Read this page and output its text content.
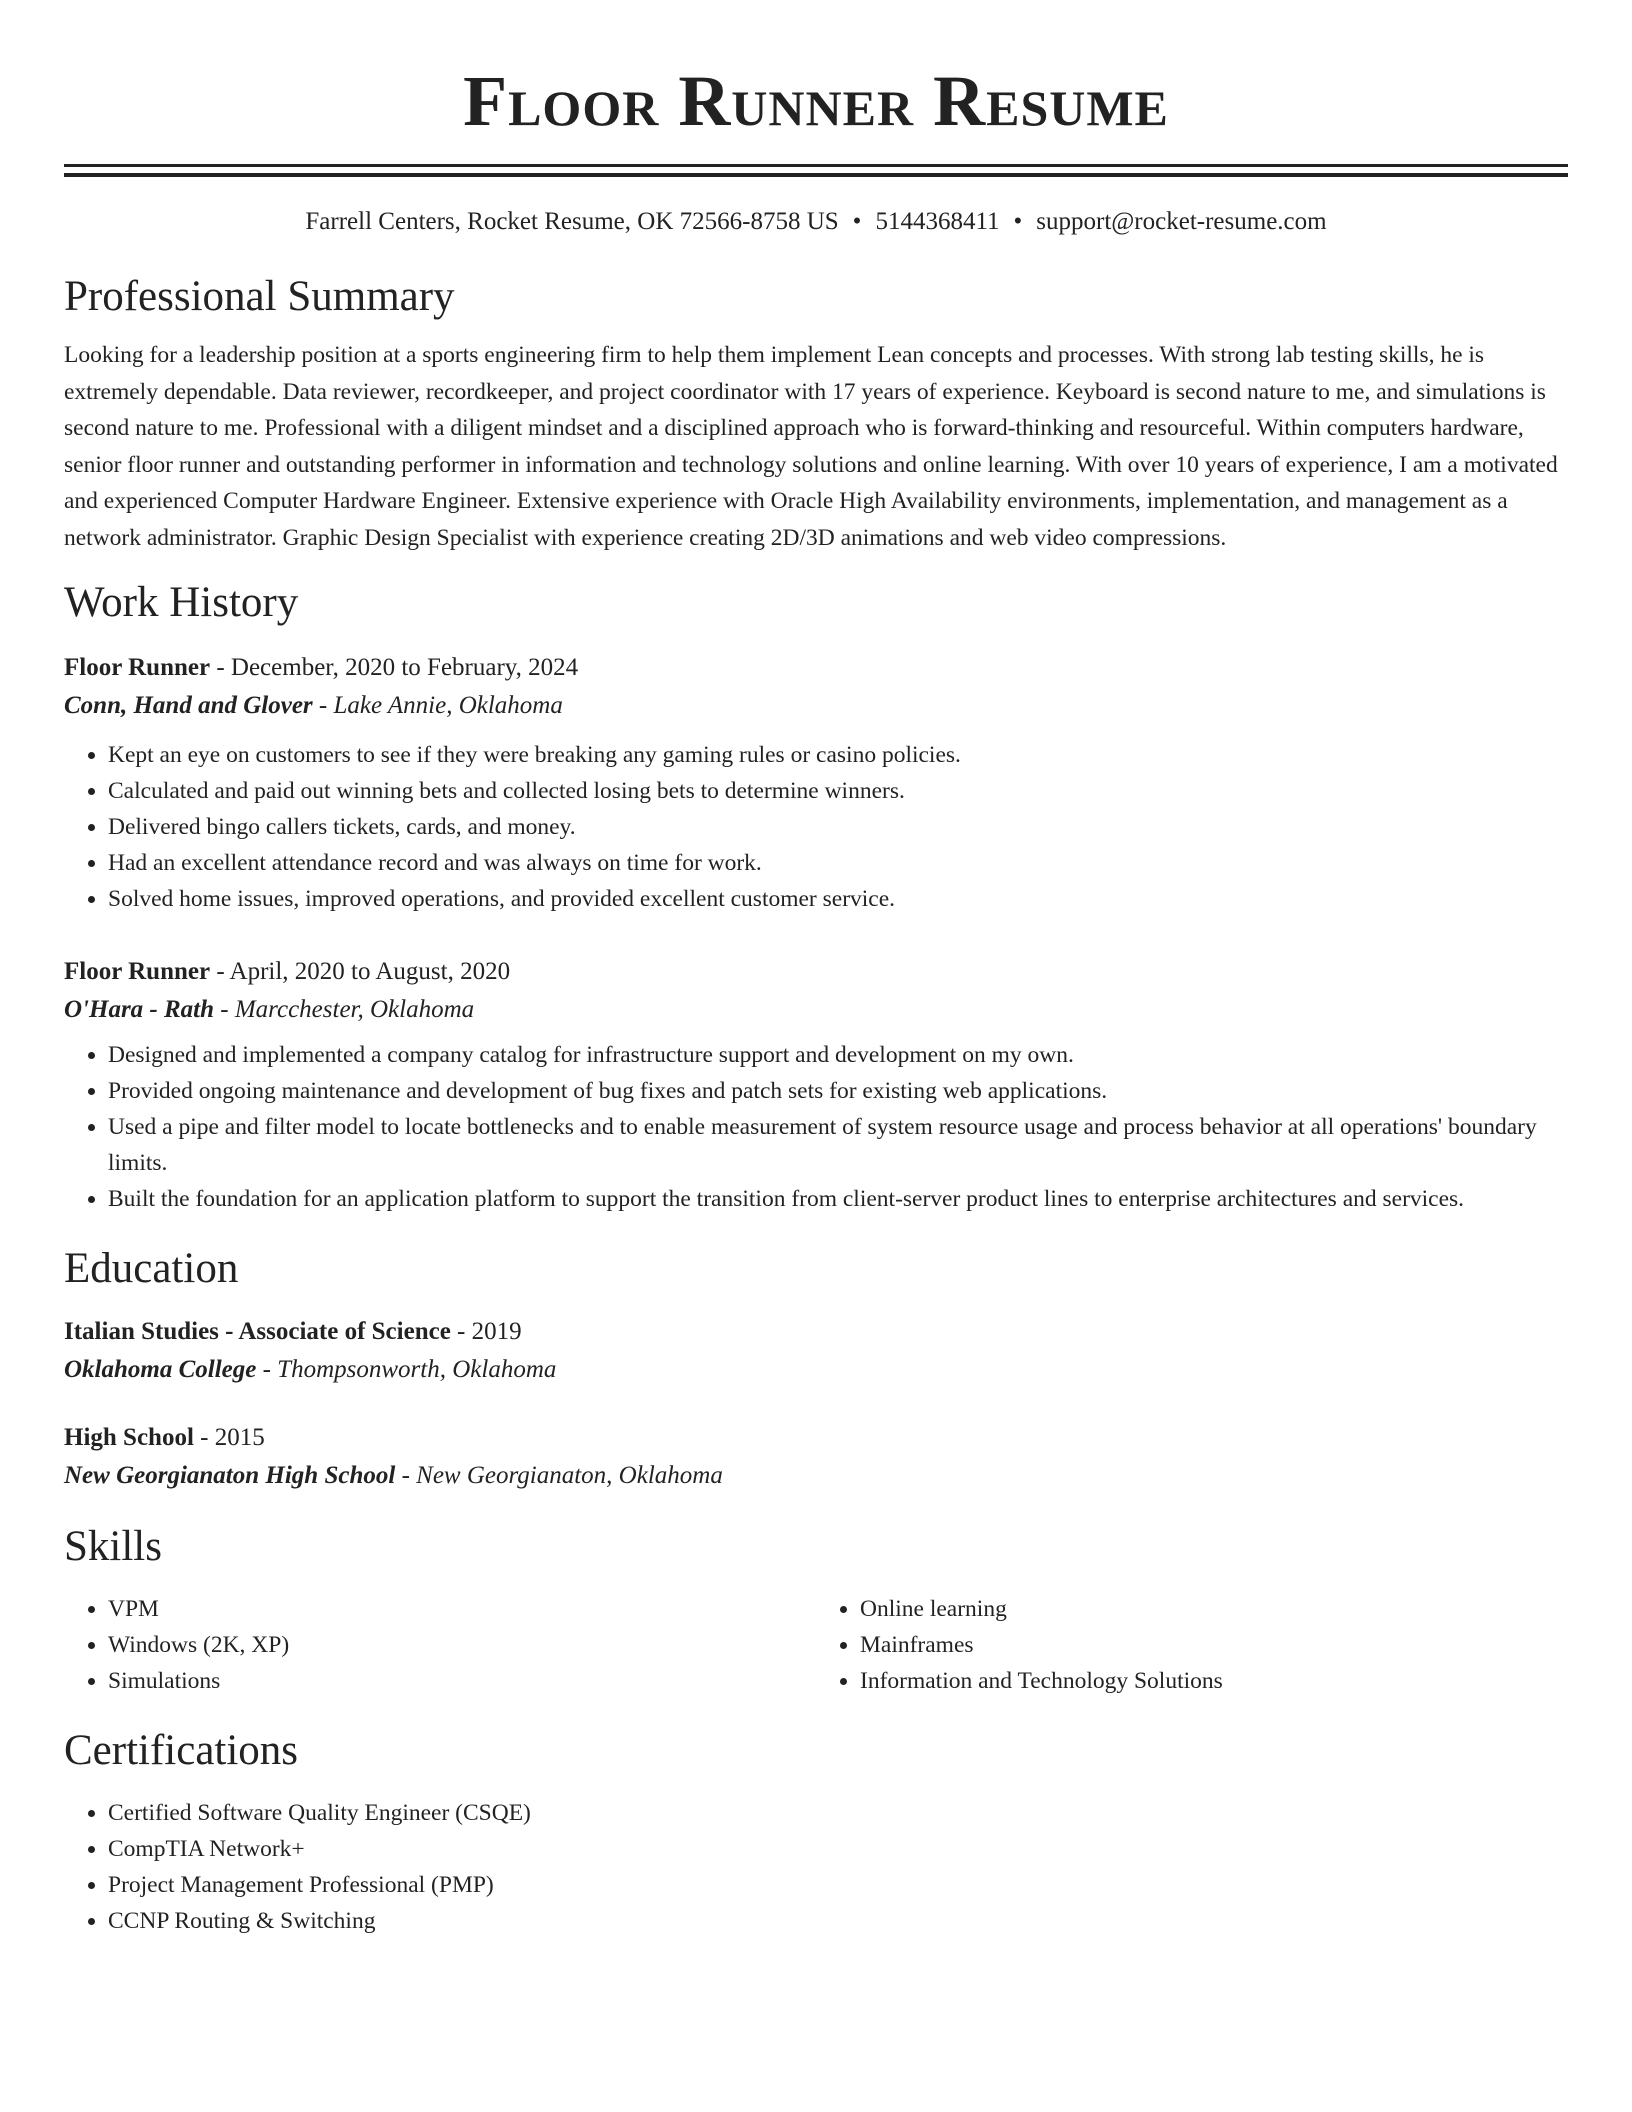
Floor Runner Resume
Farrell Centers, Rocket Resume, OK 72566-8758 US • 5144368411 • support@rocket-resume.com
Professional Summary

Looking for a leadership position at a sports engineering firm to help them implement Lean concepts and processes. With strong lab testing skills, he is extremely dependable. Data reviewer, recordkeeper, and project coordinator with 17 years of experience. Keyboard is second nature to me, and simulations is second nature to me. Professional with a diligent mindset and a disciplined approach who is forward-thinking and resourceful. Within computers hardware, senior floor runner and outstanding performer in information and technology solutions and online learning. With over 10 years of experience, I am a motivated and experienced Computer Hardware Engineer. Extensive experience with Oracle High Availability environments, implementation, and management as a network administrator. Graphic Design Specialist with experience creating 2D/3D animations and web video compressions.

Work History

Floor Runner - December, 2020 to February, 2024

Conn, Hand and Glover - Lake Annie, Oklahoma

• Kept an eye on customers to see if they were breaking any gaming rules or casino policies.
• Calculated and paid out winning bets and collected losing bets to determine winners.
• Delivered bingo callers tickets, cards, and money.
• Had an excellent attendance record and was always on time for work.
• Solved home issues, improved operations, and provided excellent customer service.

Floor Runner - April, 2020 to August, 2020

O'Hara - Rath - Marcchester, Oklahoma

• Designed and implemented a company catalog for infrastructure support and development on my own.
• Provided ongoing maintenance and development of bug fixes and patch sets for existing web applications.
• Used a pipe and filter model to locate bottlenecks and to enable measurement of system resource usage and process behavior at all operations' boundary limits.
• Built the foundation for an application platform to support the transition from client-server product lines to enterprise architectures and services.
Education

Italian Studies - Associate of Science - 2019

Oklahoma College - Thompsonworth, Oklahoma

High School - 2015

New Georgianaton High School - New Georgianaton, Oklahoma

Skills
• VPM
• Windows (2K, XP)
• Simulations
• Online learning
• Mainframes
• Information and Technology Solutions
Certifications
• Certified Software Quality Engineer (CSQE)
• CompTIA Network+
• Project Management Professional (PMP)
• CCNP Routing & Switching
